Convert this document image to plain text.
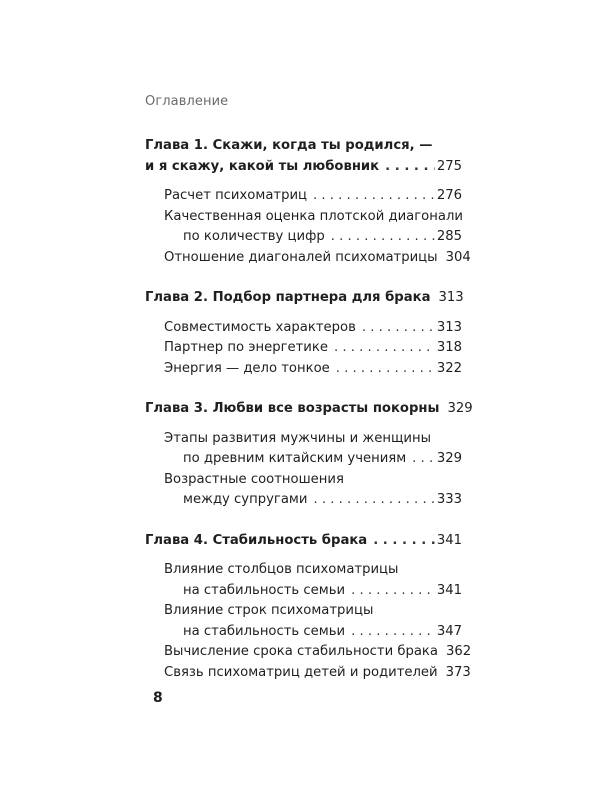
Оглавление
Глава 1. Скажи, когда ты родился, —
и я скажу, какой ты любовник . . .	275
Расчет психоматриц . . .	276
Качественная оценка плотской диагонали
по количеству цифр . . .	285
Отношение диагоналей психоматрицы 304
Глава 2. Подбор партнера для брака 313
Совместимость характеров . . .	313
Партнер по энергетике . . .	318
Энергия — дело тонкое . . .	322
Глава 3. Любви все возрасты покорны 329
Этапы развития мужчины и женщины
по древним китайским учениям . . . 329
Возрастные соотношения
между супругами . . .	333
Глава 4. Стабильность брака . . .	341
Влияние столбцов психоматрицы
на стабильность семьи . . .	341
Влияние строк психоматрицы
на стабильность семьи . . .	347
Вычисление срока стабильности брака 362
Связь психоматриц детей и родителей 373
8
